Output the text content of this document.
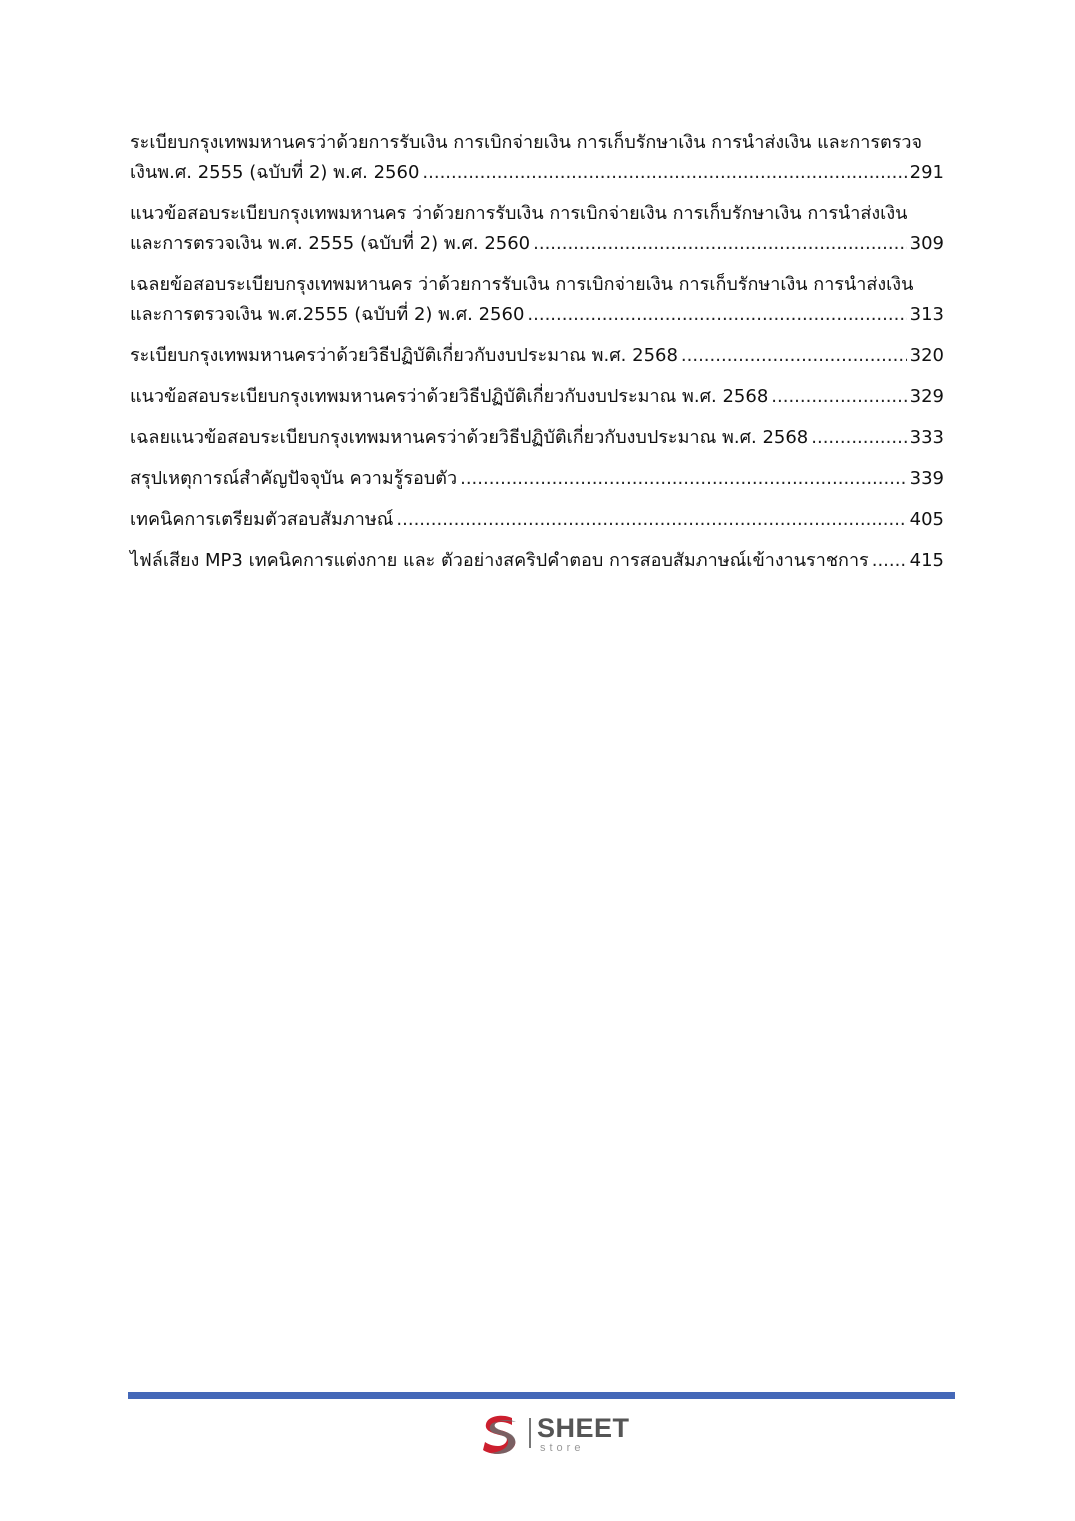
ระเบียบกรุงเทพมหานครว่าด้วยการรับเงิน การเบิกจ่ายเงิน การเก็บรักษาเงิน การนำส่งเงิน และการตรวจ
เงินพ.ศ. 2555 (ฉบับที่ 2) พ.ศ. 2560 .....	291
แนวข้อสอบระเบียบกรุงเทพมหานคร ว่าด้วยการรับเงิน การเบิกจ่ายเงิน การเก็บรักษาเงิน การนำส่งเงิน
และการตรวจเงิน พ.ศ. 2555 (ฉบับที่ 2) พ.ศ. 2560 .....	309
เฉลยข้อสอบระเบียบกรุงเทพมหานคร ว่าด้วยการรับเงิน การเบิกจ่ายเงิน การเก็บรักษาเงิน การนำส่งเงิน
และการตรวจเงิน พ.ศ.2555 (ฉบับที่ 2) พ.ศ. 2560 .....	313
ระเบียบกรุงเทพมหานครว่าด้วยวิธีปฏิบัติเกี่ยวกับงบประมาณ พ.ศ. 2568 .....	320
แนวข้อสอบระเบียบกรุงเทพมหานครว่าด้วยวิธีปฏิบัติเกี่ยวกับงบประมาณ พ.ศ. 2568 .....	329
เฉลยแนวข้อสอบระเบียบกรุงเทพมหานครว่าด้วยวิธีปฏิบัติเกี่ยวกับงบประมาณ พ.ศ. 2568 .....	333
สรุปเหตุการณ์สำคัญปัจจุบัน ความรู้รอบตัว .....	339
เทคนิคการเตรียมตัวสอบสัมภาษณ์ .....	405
ไฟล์เสียง MP3 เทคนิคการแต่งกาย และ ตัวอย่างสคริปคำตอบ การสอบสัมภาษณ์เข้างานราชการ ..... 415
SHEET
store
